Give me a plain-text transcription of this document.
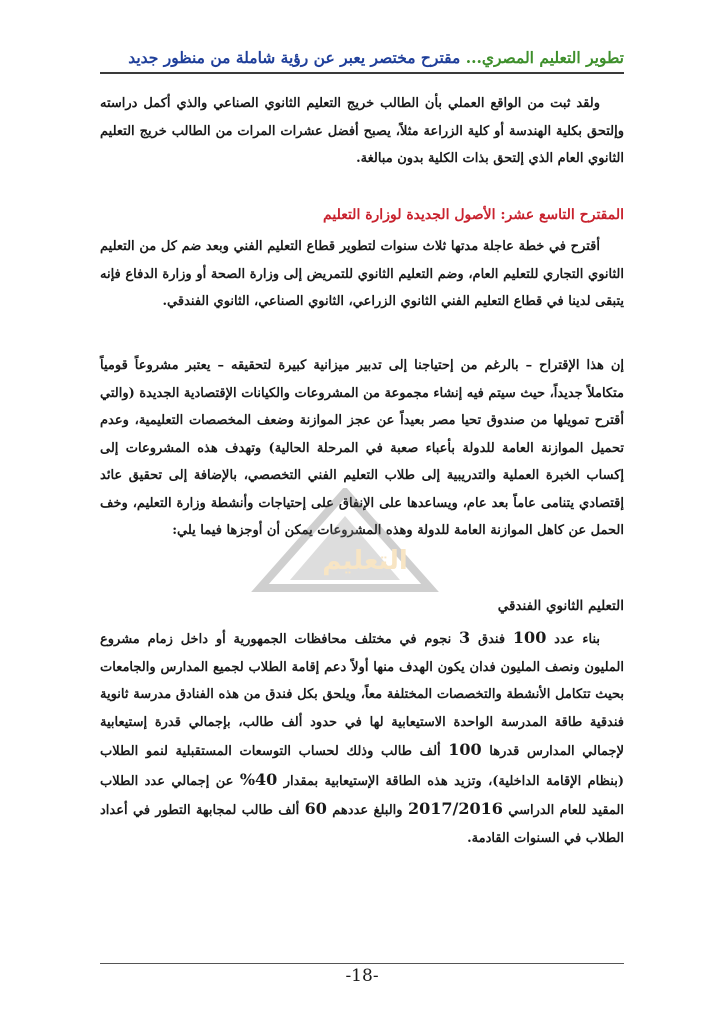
تطوير التعليم المصري... مقترح مختصر يعبر عن رؤية شاملة من منظور جديد
ولقد ثبت من الواقع العملي بأن الطالب خريج التعليم الثانوي الصناعي والذي أكمل دراسته وإلتحق بكلية الهندسة أو كلية الزراعة مثلاً، يصبح أفضل عشرات المرات من الطالب خريج التعليم الثانوي العام الذي إلتحق بذات الكلية بدون مبالغة.
المقترح التاسع عشر: الأصول الجديدة لوزارة التعليم
أقترح في خطة عاجلة مدتها ثلاث سنوات لتطوير قطاع التعليم الفني وبعد ضم كل من التعليم الثانوي التجاري للتعليم العام، وضم التعليم الثانوي للتمريض إلى وزارة الصحة أو وزارة الدفاع فإنه يتبقى لدينا في قطاع التعليم الفني الثانوي الزراعي، الثانوي الصناعي، الثانوي الفندقي.
إن هذا الإقتراح – بالرغم من إحتياجنا إلى تدبير ميزانية كبيرة لتحقيقه – يعتبر مشروعاً قومياً متكاملاً جديداً، حيث سيتم فيه إنشاء مجموعة من المشروعات والكيانات الإقتصادية الجديدة (والتي أقترح تمويلها من صندوق تحيا مصر بعيداً عن عجز الموازنة وضعف المخصصات التعليمية، وعدم تحميل الموازنة العامة للدولة بأعباء صعبة في المرحلة الحالية) وتهدف هذه المشروعات إلى إكساب الخبرة العملية والتدريبية إلى طلاب التعليم الفني التخصصي، بالإضافة إلى تحقيق عائد إقتصادي يتنامى عاماً بعد عام، ويساعدها على الإنفاق على إحتياجات وأنشطة وزارة التعليم، وخف الحمل عن كاهل الموازنة العامة للدولة وهذه المشروعات يمكن أن أوجزها فيما يلي:
التعليم
التعليم الثانوي الفندقي
بناء عدد 100 فندق 3 نجوم في مختلف محافظات الجمهورية أو داخل زمام مشروع المليون ونصف المليون فدان يكون الهدف منها أولاً دعم إقامة الطلاب لجميع المدارس والجامعات بحيث تتكامل الأنشطة والتخصصات المختلفة معاً، ويلحق بكل فندق من هذه الفنادق مدرسة ثانوية فندقية طاقة المدرسة الواحدة الاستيعابية لها في حدود ألف طالب، بإجمالي قدرة إستيعابية لإجمالي المدارس قدرها 100 ألف طالب وذلك لحساب التوسعات المستقبلية لنمو الطلاب (بنظام الإقامة الداخلية)، وتزيد هذه الطاقة الإستيعابية بمقدار 40% عن إجمالي عدد الطلاب المقيد للعام الدراسي 2017/2016 والبلغ عددهم 60 ألف طالب لمجابهة التطور في أعداد الطلاب في السنوات القادمة.
-18-
